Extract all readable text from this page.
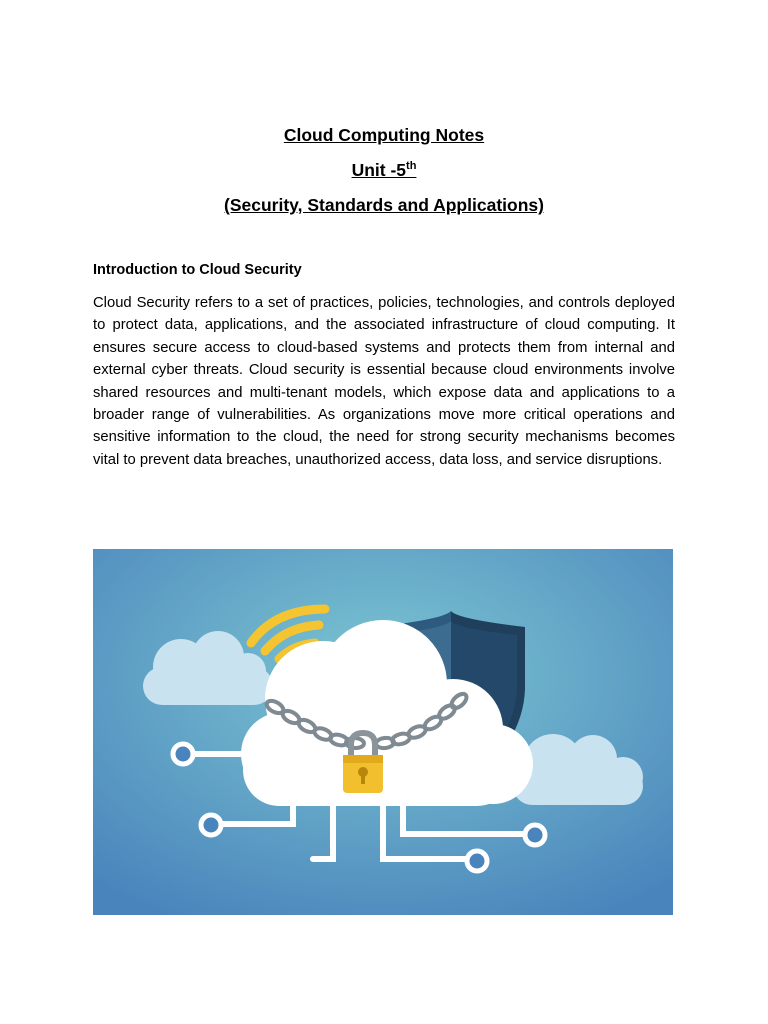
Cloud Computing Notes

Unit -5th

(Security, Standards and Applications)

Introduction to Cloud Security

Cloud Security refers to a set of practices, policies, technologies, and controls deployed to protect data, applications, and the associated infrastructure of cloud computing. It ensures secure access to cloud-based systems and protects them from internal and external cyber threats. Cloud security is essential because cloud environments involve shared resources and multi-tenant models, which expose data and applications to a broader range of vulnerabilities. As organizations move more critical operations and sensitive information to the cloud, the need for strong security mechanisms becomes vital to prevent data breaches, unauthorized access, data loss, and service disruptions.
